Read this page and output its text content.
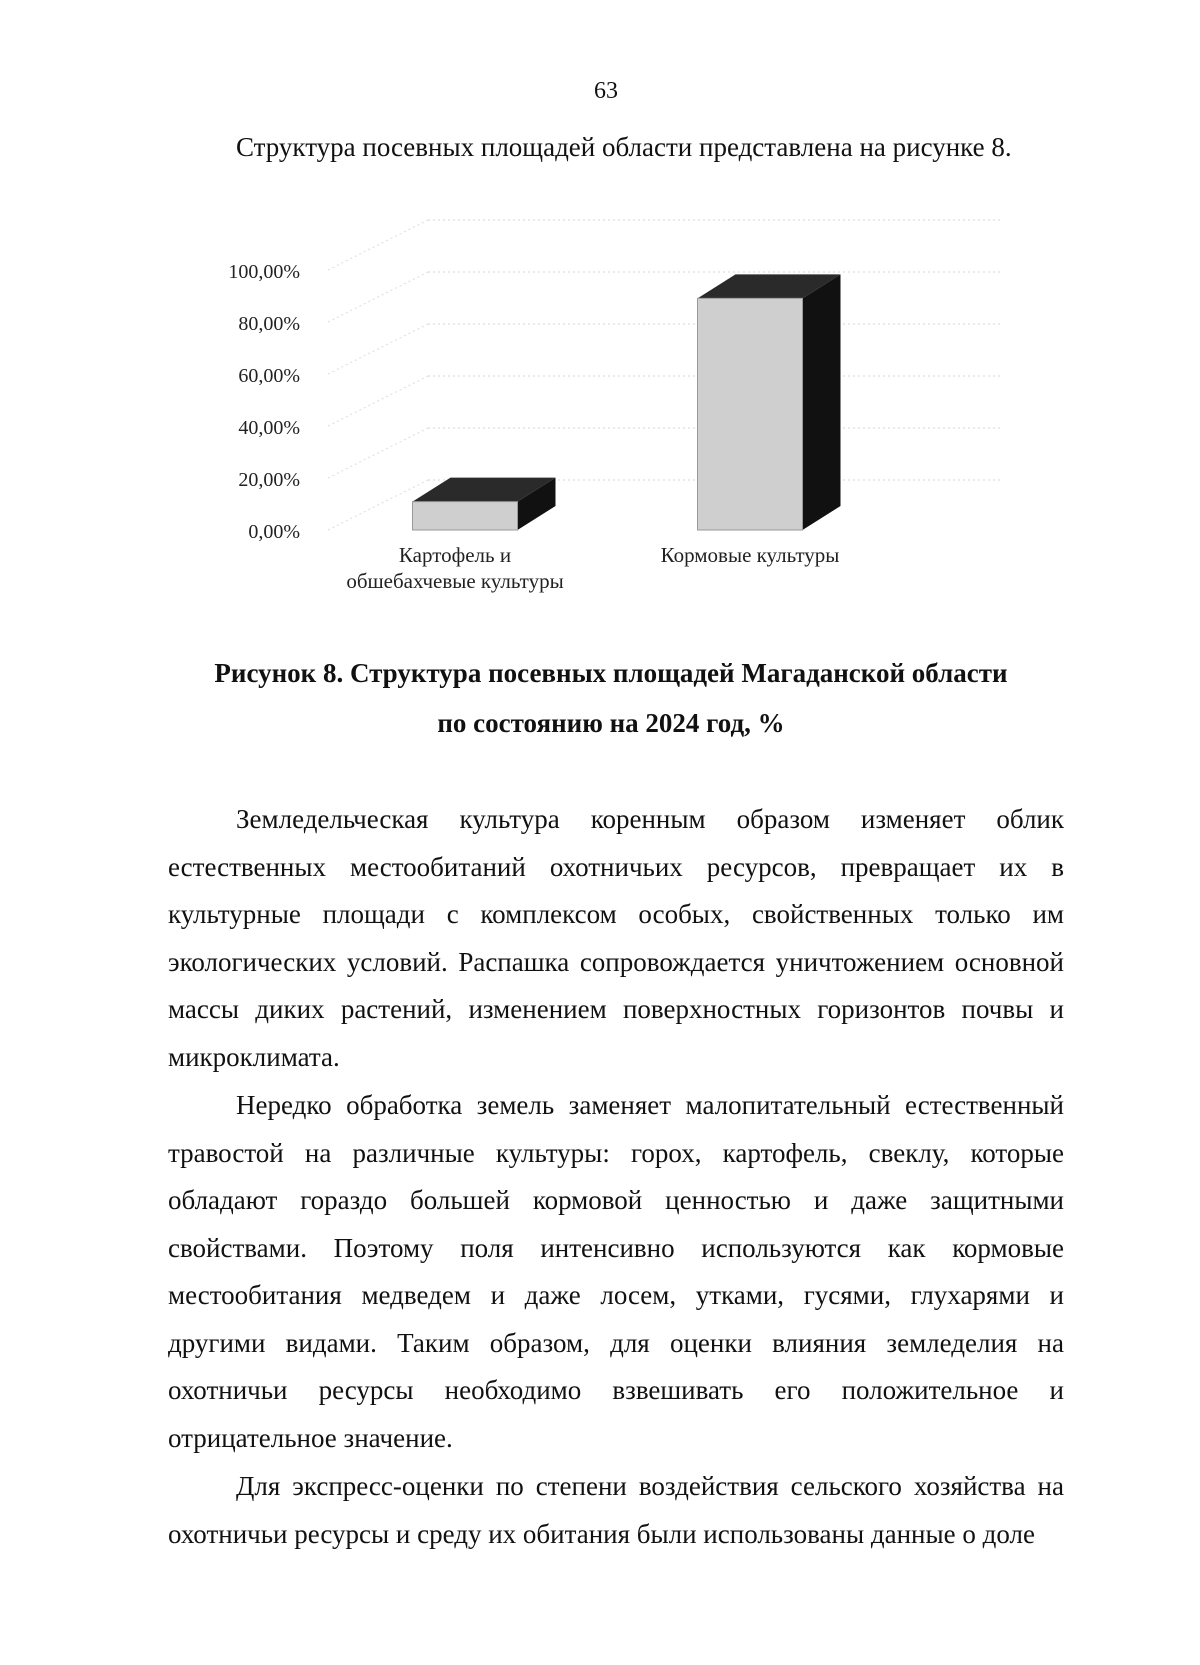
63
Структура посевных площадей области представлена на рисунке 8.
0,00%
20,00%
40,00%
60,00%
80,00%
100,00%
Картофель и
обшебахчевые культуры
Кормовые культуры
Рисунок 8. Структура посевных площадей Магаданской области
по состоянию на 2024 год, %

Земледельческая культура коренным образом изменяет облик естественных местообитаний охотничьих ресурсов, превращает их в культурные площади с комплексом особых, свойственных только им экологических условий. Распашка сопровождается уничтожением основной массы диких растений, изменением поверхностных горизонтов почвы и микроклимата.

Нередко обработка земель заменяет малопитательный естественный травостой на различные культуры: горох, картофель, свеклу, которые обладают гораздо большей кормовой ценностью и даже защитными свойствами. Поэтому поля интенсивно используются как кормовые местообитания медведем и даже лосем, утками, гусями, глухарями и другими видами. Таким образом, для оценки влияния земледелия на охотничьи ресурсы необходимо взвешивать его положительное и отрицательное значение.

Для экспресс-оценки по степени воздействия сельского хозяйства на охотничьи ресурсы и среду их обитания были использованы данные о доле
